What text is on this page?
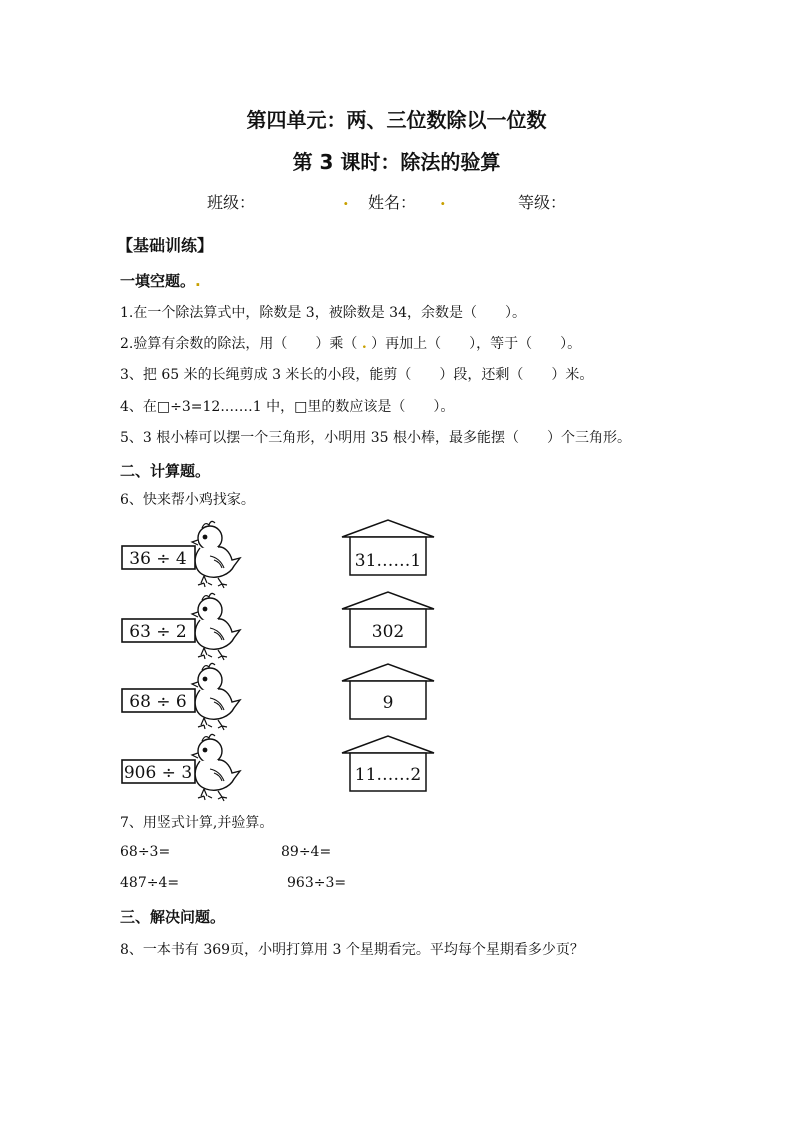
第四单元：两、三位数除以一位数
第 3 课时：除法的验算
班级：	. 姓名： .	等级：
【基础训练】
一填空题。.
1.在一个除法算式中，除数是 3，被除数是 34，余数是（　　）。
2.验算有余数的除法，用（　　）乘（ . ）再加上（　　），等于（　　）。
3、把 65 米的长绳剪成 3 米长的小段，能剪（　　）段，还剩（　　）米。
4、在□÷3=12.……1 中，□里的数应该是（　　）。
5、3 根小棒可以摆一个三角形，小明用 35 根小棒，最多能摆（　　）个三角形。
二、计算题。
6、快来帮小鸡找家。
36 ÷ 4	31……1
63 ÷ 2	302
68 ÷ 6	9
906 ÷ 3	11……2
7、用竖式计算,并验算。
68÷3=	89÷4=
487÷4=	963÷3=
三、解决问题。
8、一本书有 369页，小明打算用 3 个星期看完。平均每个星期看多少页？
